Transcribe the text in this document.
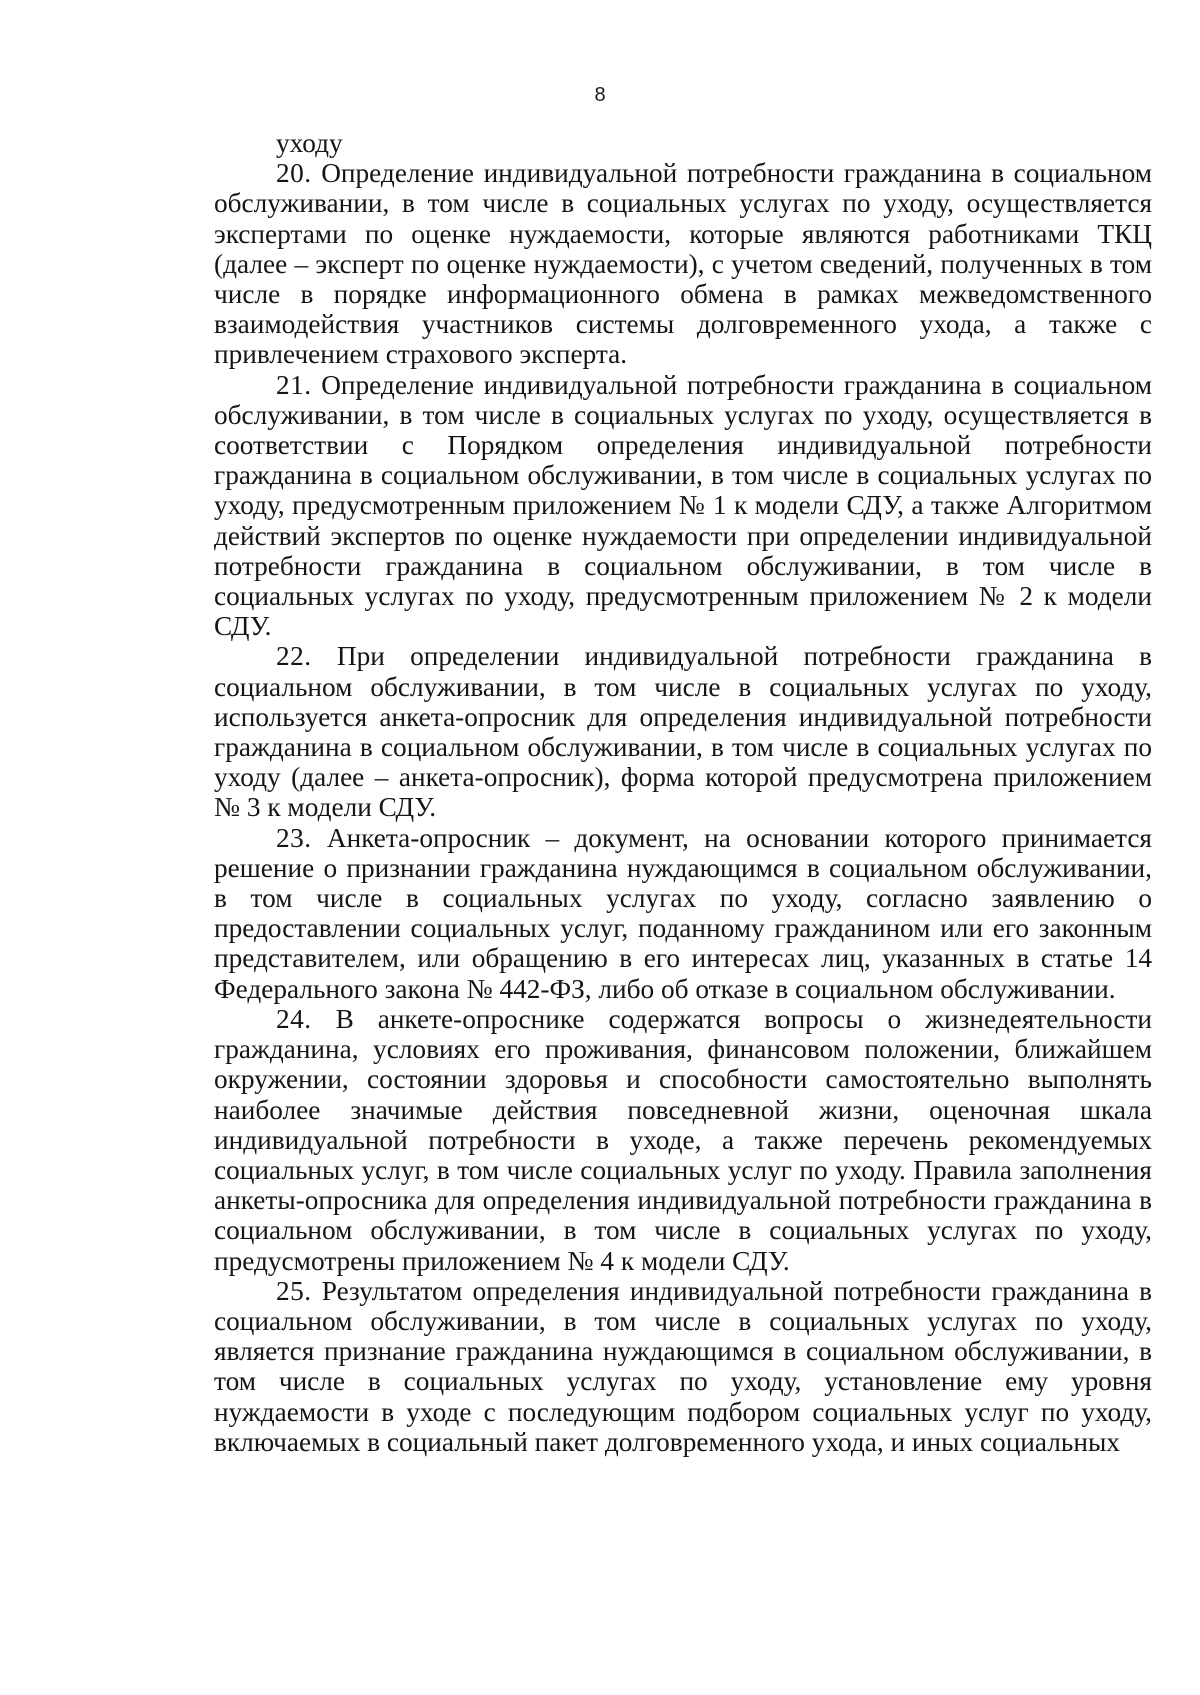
8

уходу

20. Определение индивидуальной потребности гражданина в социальном обслуживании, в том числе в социальных услугах по уходу, осуществляется экспертами по оценке нуждаемости, которые являются работниками ТКЦ (далее – эксперт по оценке нуждаемости), с учетом сведений, полученных в том числе в порядке информационного обмена в рамках межведомственного взаимодействия участников системы долговременного ухода, а также с привлечением страхового эксперта.

21. Определение индивидуальной потребности гражданина в социальном обслуживании, в том числе в социальных услугах по уходу, осуществляется в соответствии с Порядком определения индивидуальной потребности гражданина в социальном обслуживании, в том числе в социальных услугах по уходу, предусмотренным приложением № 1 к модели СДУ, а также Алгоритмом действий экспертов по оценке нуждаемости при определении индивидуальной потребности гражданина в социальном обслуживании, в том числе в социальных услугах по уходу, предусмотренным приложением № 2 к модели СДУ.

22. При определении индивидуальной потребности гражданина в социальном обслуживании, в том числе в социальных услугах по уходу, используется анкета-опросник для определения индивидуальной потребности гражданина в социальном обслуживании, в том числе в социальных услугах по уходу (далее – анкета-опросник), форма которой предусмотрена приложением № 3 к модели СДУ.

23. Анкета-опросник – документ, на основании которого принимается решение о признании гражданина нуждающимся в социальном обслуживании, в том числе в социальных услугах по уходу, согласно заявлению о предоставлении социальных услуг, поданному гражданином или его законным представителем, или обращению в его интересах лиц, указанных в статье 14 Федерального закона № 442-ФЗ, либо об отказе в социальном обслуживании.

24. В анкете-опроснике содержатся вопросы о жизнедеятельности гражданина, условиях его проживания, финансовом положении, ближайшем окружении, состоянии здоровья и способности самостоятельно выполнять наиболее значимые действия повседневной жизни, оценочная шкала индивидуальной потребности в уходе, а также перечень рекомендуемых социальных услуг, в том числе социальных услуг по уходу. Правила заполнения анкеты-опросника для определения индивидуальной потребности гражданина в социальном обслуживании, в том числе в социальных услугах по уходу, предусмотрены приложением № 4 к модели СДУ.

25. Результатом определения индивидуальной потребности гражданина в социальном обслуживании, в том числе в социальных услугах по уходу, является признание гражданина нуждающимся в социальном обслуживании, в том числе в социальных услугах по уходу, установление ему уровня нуждаемости в уходе с последующим подбором социальных услуг по уходу, включаемых в социальный пакет долговременного ухода, и иных социальных
